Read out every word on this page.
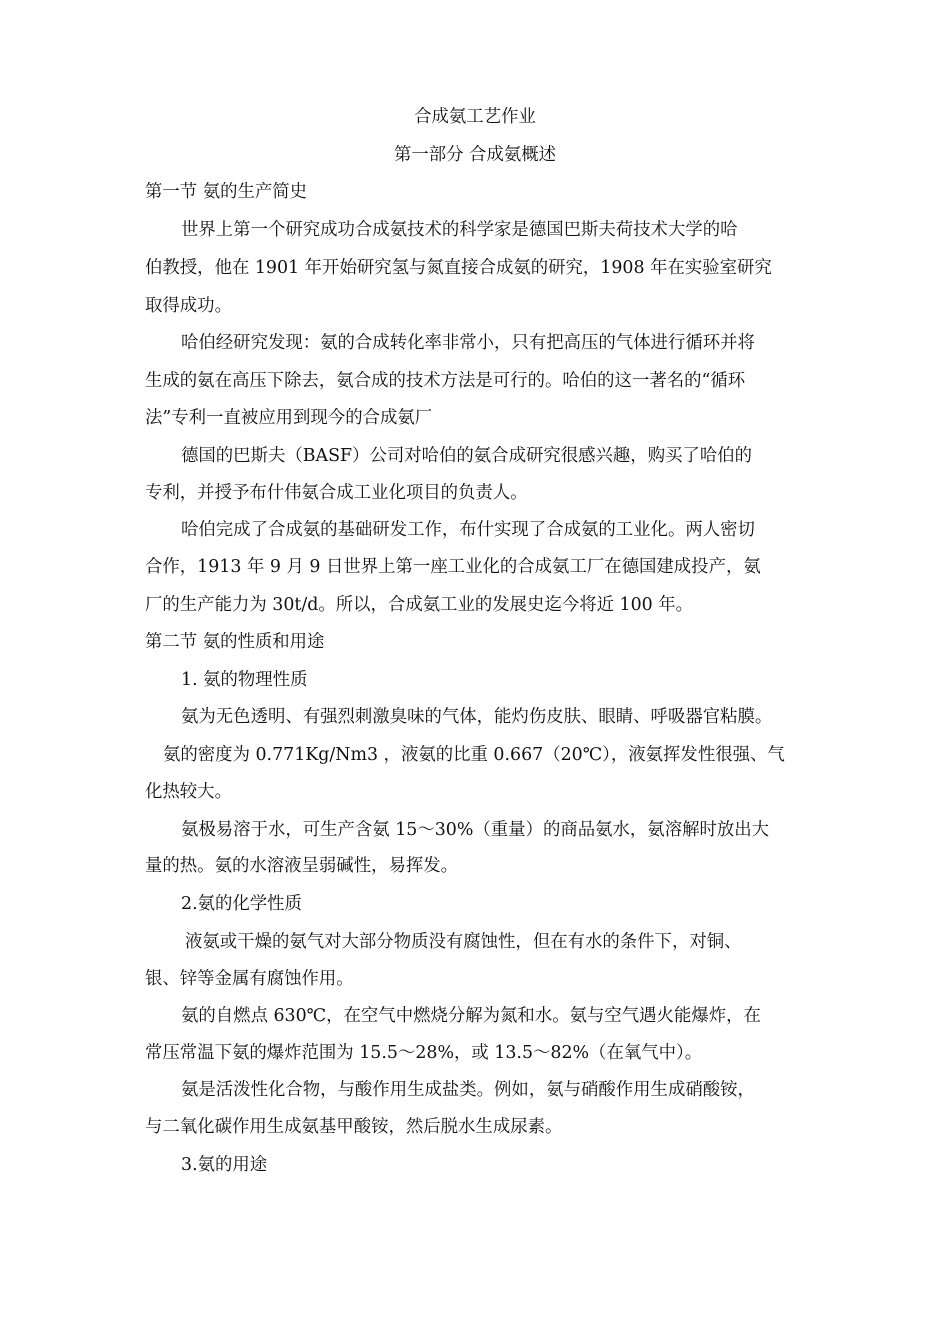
合成氨工艺作业
第一部分 合成氨概述
第一节 氨的生产简史
世界上第一个研究成功合成氨技术的科学家是德国巴斯夫荷技术大学的哈
伯教授，他在 1901 年开始研究氢与氮直接合成氨的研究，1908 年在实验室研究
取得成功。
哈伯经研究发现：氨的合成转化率非常小，只有把高压的气体进行循环并将
生成的氨在高压下除去，氨合成的技术方法是可行的。哈伯的这一著名的“循环
法”专利一直被应用到现今的合成氨厂
德国的巴斯夫（BASF）公司对哈伯的氨合成研究很感兴趣，购买了哈伯的
专利，并授予布什伟氨合成工业化项目的负责人。
哈伯完成了合成氨的基础研发工作，布什实现了合成氨的工业化。两人密切
合作，1913 年 9 月 9 日世界上第一座工业化的合成氨工厂在德国建成投产，氨
厂的生产能力为 30t/d。所以，合成氨工业的发展史迄今将近 100 年。
第二节 氨的性质和用途
1. 氨的物理性质
氨为无色透明、有强烈刺激臭味的气体，能灼伤皮肤、眼睛、呼吸器官粘膜。
氨的密度为 0.771Kg/Nm3 ，液氨的比重 0.667（20℃），液氨挥发性很强、气
化热较大。
氨极易溶于水，可生产含氨 15～30%（重量）的商品氨水，氨溶解时放出大
量的热。氨的水溶液呈弱碱性，易挥发。
2.氨的化学性质
液氨或干燥的氨气对大部分物质没有腐蚀性，但在有水的条件下，对铜、
银、锌等金属有腐蚀作用。
氨的自燃点 630℃，在空气中燃烧分解为氮和水。氨与空气遇火能爆炸，在
常压常温下氨的爆炸范围为 15.5～28%，或 13.5～82%（在氧气中）。
氨是活泼性化合物，与酸作用生成盐类。例如，氨与硝酸作用生成硝酸铵，
与二氧化碳作用生成氨基甲酸铵，然后脱水生成尿素。
3.氨的用途
